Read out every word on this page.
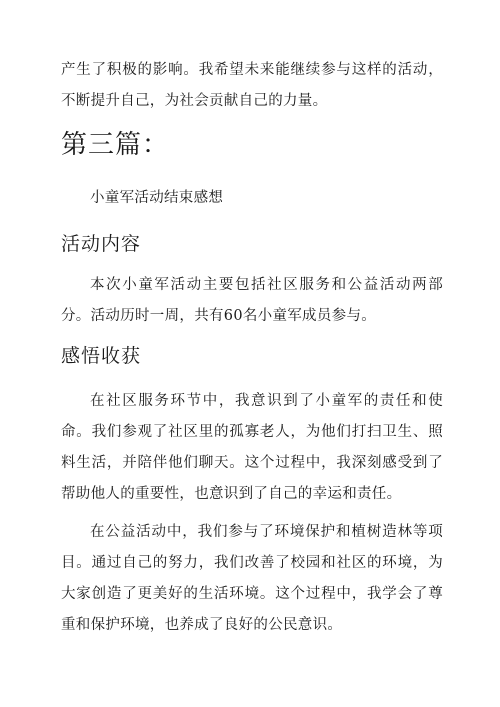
产生了积极的影响。我希望未来能继续参与这样的活动，不断提升自己，为社会贡献自己的力量。

第三篇：

小童军活动结束感想

活动内容

本次小童军活动主要包括社区服务和公益活动两部分。活动历时一周，共有60名小童军成员参与。

感悟收获

在社区服务环节中，我意识到了小童军的责任和使命。我们参观了社区里的孤寡老人，为他们打扫卫生、照料生活，并陪伴他们聊天。这个过程中，我深刻感受到了帮助他人的重要性，也意识到了自己的幸运和责任。

在公益活动中，我们参与了环境保护和植树造林等项目。通过自己的努力，我们改善了校园和社区的环境，为大家创造了更美好的生活环境。这个过程中，我学会了尊重和保护环境，也养成了良好的公民意识。
